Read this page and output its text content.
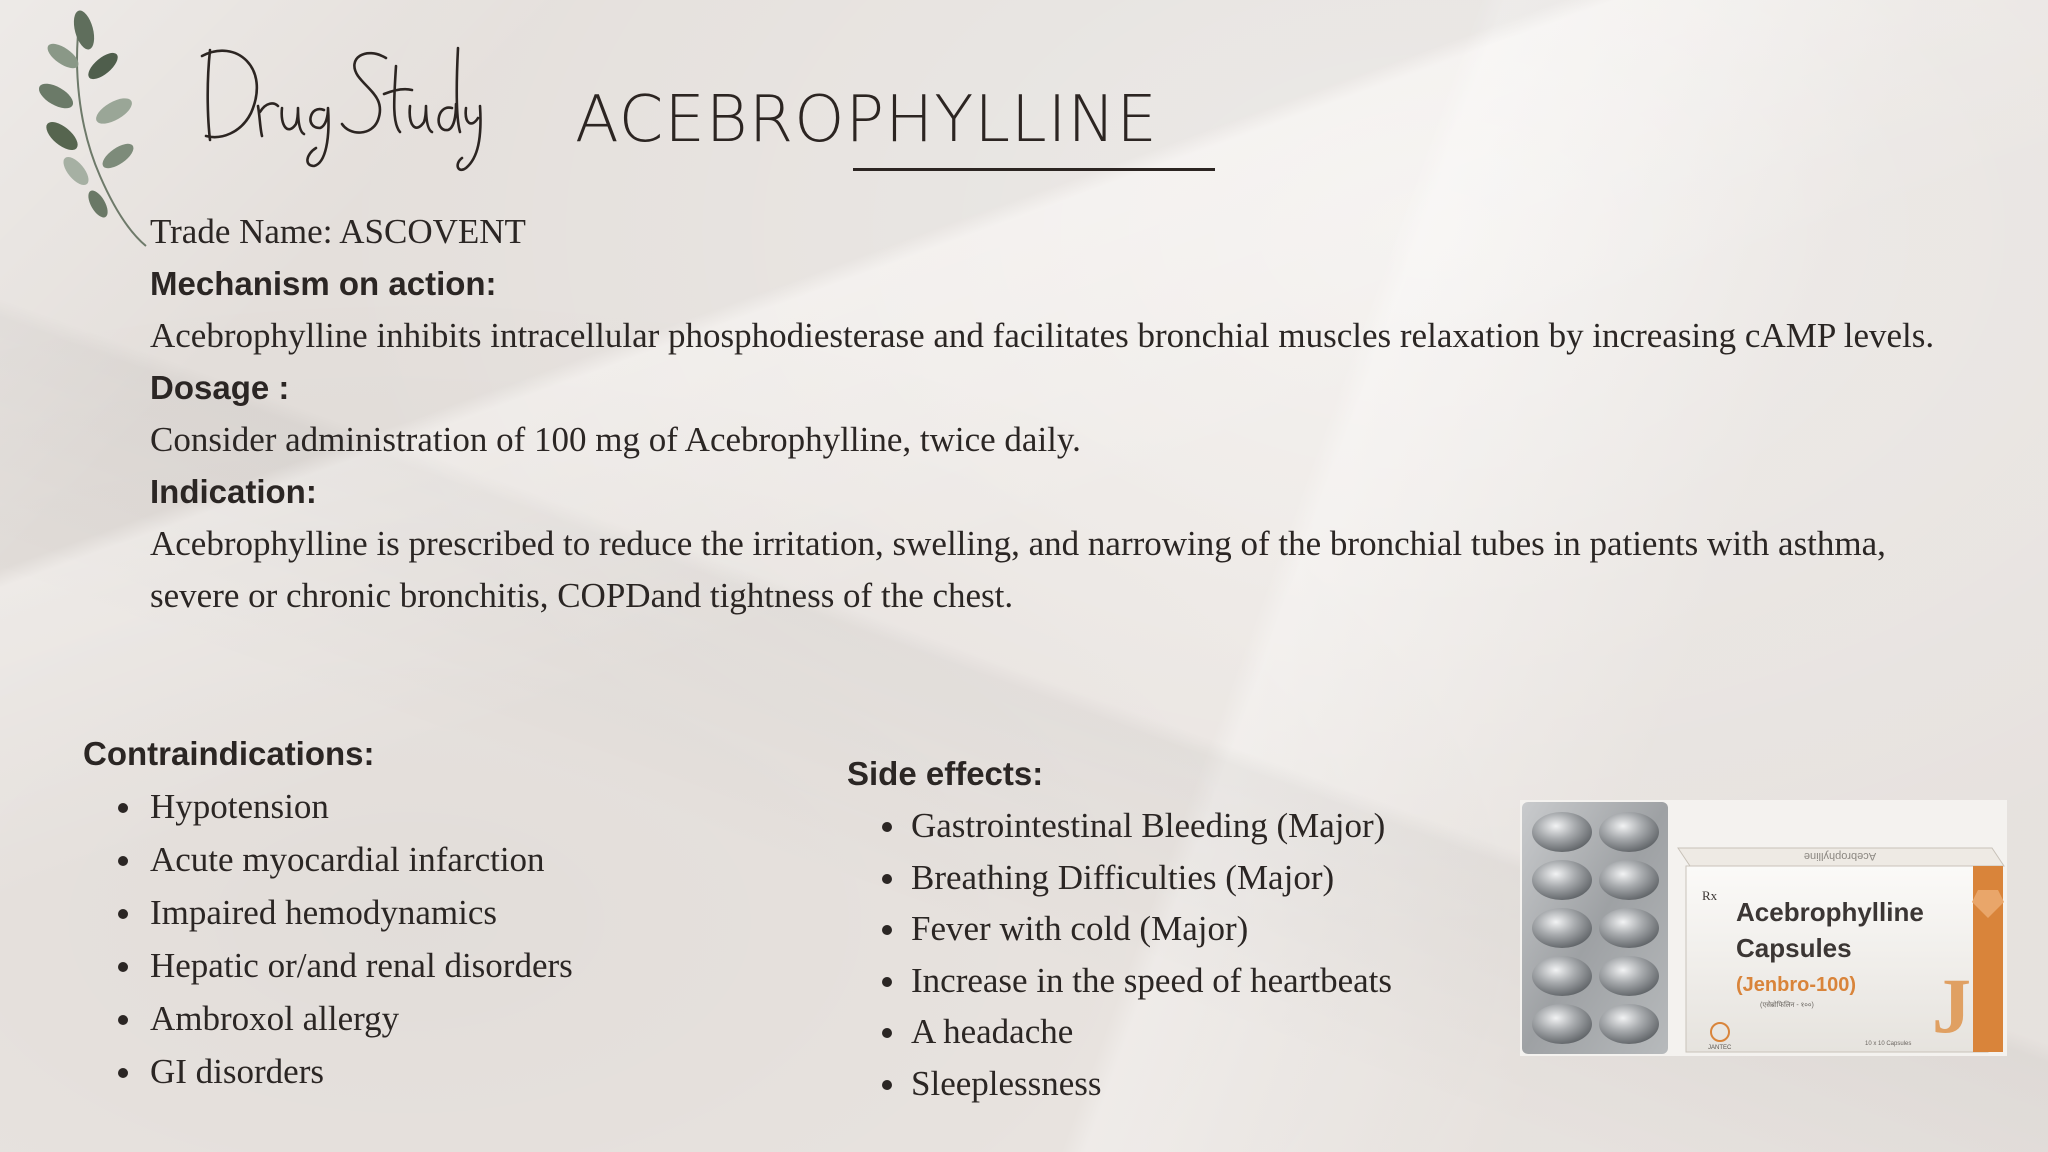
ACEBROPHYLLINE

Trade Name: ASCOVENT

Mechanism on action:

Acebrophylline inhibits intracellular phosphodiesterase and facilitates bronchial muscles relaxation by increasing cAMP levels.

Dosage :

Consider administration of 100 mg of Acebrophylline, twice daily.

Indication:

Acebrophylline is prescribed to reduce the irritation, swelling, and narrowing of the bronchial tubes in patients with asthma, severe or chronic bronchitis, COPDand tightness of the chest.

Contraindications:

Hypotension
Acute myocardial infarction
Impaired hemodynamics
Hepatic or/and renal disorders
Ambroxol allergy
GI disorders

Side effects:

Gastrointestinal Bleeding (Major)
Breathing Difficulties (Major)
Fever with cold (Major)
Increase in the speed of heartbeats
A headache
Sleeplessness
Acebrophylline
Rx
Acebrophylline
Capsules
(Jenbro-100)
(एसेब्रोफिलिन - १००) J
JANTEC
10 x 10 Capsules
